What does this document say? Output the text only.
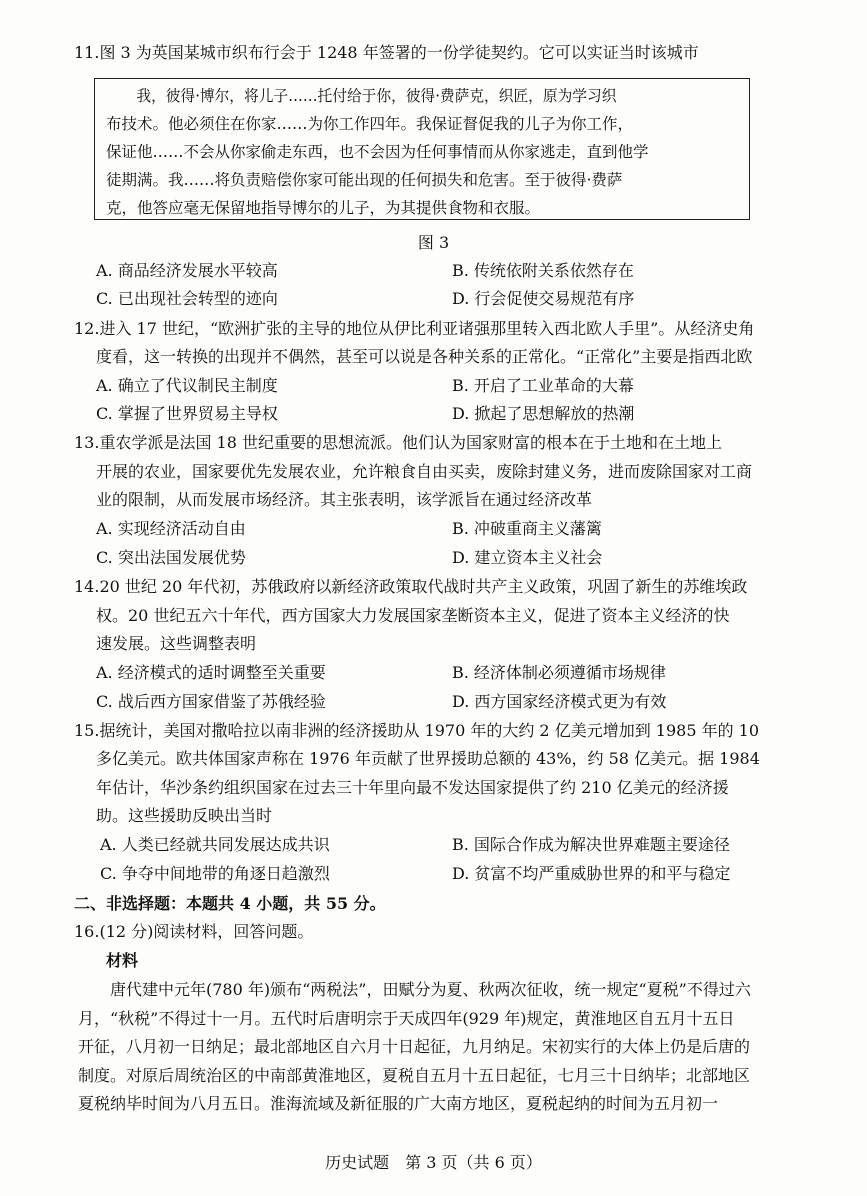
11.图 3 为英国某城市织布行会于 1248 年签署的一份学徒契约。它可以实证当时该城市
我，彼得·博尔，将儿子……托付给于你，彼得·费萨克，织匠，原为学习织
布技术。他必须住在你家……为你工作四年。我保证督促我的儿子为你工作，
保证他……不会从你家偷走东西，也不会因为任何事情而从你家逃走，直到他学
徒期满。我……将负责赔偿你家可能出现的任何损失和危害。至于彼得·费萨
克，他答应毫无保留地指导博尔的儿子，为其提供食物和衣服。
图 3
A. 商品经济发展水平较高	B. 传统依附关系依然存在
C. 已出现社会转型的迹向	D. 行会促使交易规范有序
12.进入 17 世纪，“欧洲扩张的主导的地位从伊比利亚诸强那里转入西北欧人手里”。从经济史角
度看，这一转换的出现并不偶然，甚至可以说是各种关系的正常化。“正常化”主要是指西北欧
A. 确立了代议制民主制度	B. 开启了工业革命的大幕
C. 掌握了世界贸易主导权	D. 掀起了思想解放的热潮
13.重农学派是法国 18 世纪重要的思想流派。他们认为国家财富的根本在于土地和在土地上
开展的农业，国家要优先发展农业，允许粮食自由买卖，废除封建义务，进而废除国家对工商
业的限制，从而发展市场经济。其主张表明，该学派旨在通过经济改革
A. 实现经济活动自由	B. 冲破重商主义藩篱
C. 突出法国发展优势	D. 建立资本主义社会
14.20 世纪 20 年代初，苏俄政府以新经济政策取代战时共产主义政策，巩固了新生的苏维埃政
权。20 世纪五六十年代，西方国家大力发展国家垄断资本主义，促进了资本主义经济的快
速发展。这些调整表明
A. 经济模式的适时调整至关重要	B. 经济体制必须遵循市场规律
C. 战后西方国家借鉴了苏俄经验	D. 西方国家经济模式更为有效
15.据统计，美国对撒哈拉以南非洲的经济援助从 1970 年的大约 2 亿美元增加到 1985 年的 10
多亿美元。欧共体国家声称在 1976 年贡献了世界援助总额的 43%，约 58 亿美元。据 1984
年估计，华沙条约组织国家在过去三十年里向最不发达国家提供了约 210 亿美元的经济援
助。这些援助反映出当时
A. 人类已经就共同发展达成共识	B. 国际合作成为解决世界难题主要途径
C. 争夺中间地带的角逐日趋激烈	D. 贫富不均严重威胁世界的和平与稳定
二、非选择题：本题共 4 小题，共 55 分。
16.(12 分)阅读材料，回答问题。
材料
唐代建中元年(780 年)颁布“两税法”，田赋分为夏、秋两次征收，统一规定“夏税”不得过六
月，“秋税”不得过十一月。五代时后唐明宗于天成四年(929 年)规定，黄淮地区自五月十五日
开征，八月初一日纳足；最北部地区自六月十日起征，九月纳足。宋初实行的大体上仍是后唐的
制度。对原后周统治区的中南部黄淮地区，夏税自五月十五日起征，七月三十日纳毕；北部地区
夏税纳毕时间为八月五日。淮海流域及新征服的广大南方地区，夏税起纳的时间为五月初一
历史试题　第 3 页（共 6 页）
